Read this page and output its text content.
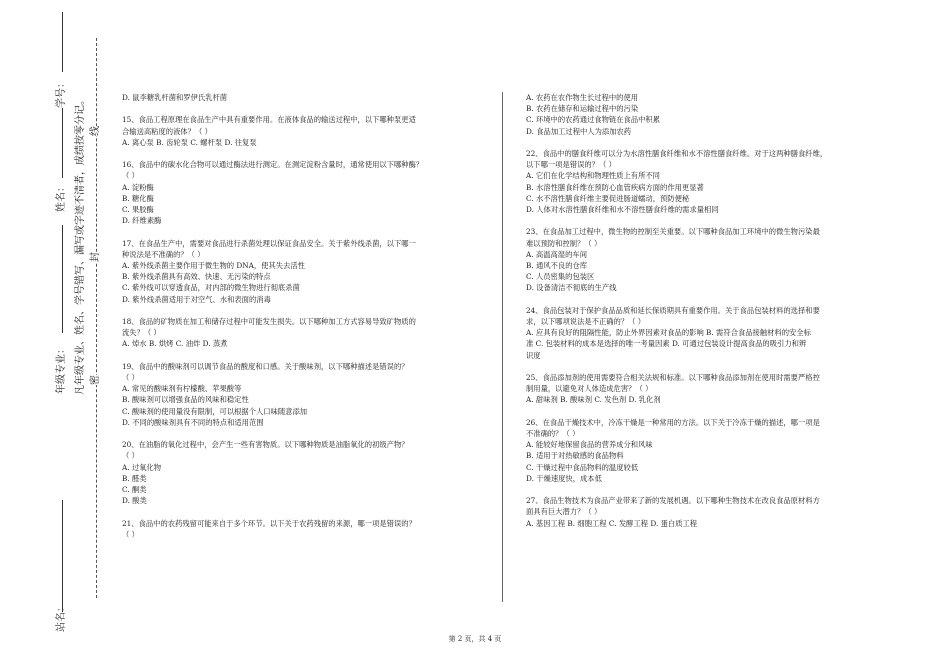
站名：
年级专业：
姓名：
学号：
凡年级专业、姓名、学号错写、漏写或字迹不清者，成绩按零分记。 密
封
线

D. 鼠李糖乳杆菌和罗伊氏乳杆菌

15、食品工程原理在食品生产中具有重要作用。在液体食品的输送过程中，以下哪种泵更适

合输送高粘度的液体？（ ）

A. 离心泵 B. 齿轮泵 C. 螺杆泵 D. 往复泵

16、食品中的碳水化合物可以通过酶法进行测定。在测定淀粉含量时，通常使用以下哪种酶？

（ ）

A. 淀粉酶

B. 糖化酶

C. 果胶酶

D. 纤维素酶

17、在食品生产中，需要对食品进行杀菌处理以保证食品安全。关于紫外线杀菌，以下哪一

种说法是不准确的？（ ）

A. 紫外线杀菌主要作用于微生物的 DNA，使其失去活性

B. 紫外线杀菌具有高效、快速、无污染的特点

C. 紫外线可以穿透食品，对内部的微生物进行彻底杀菌

D. 紫外线杀菌适用于对空气、水和表面的消毒

18、食品的矿物质在加工和储存过程中可能发生损失。以下哪种加工方式容易导致矿物质的

流失？（ ）

A. 焯水 B. 烘烤 C. 油炸 D. 蒸煮

19、食品中的酸味剂可以调节食品的酸度和口感。关于酸味剂，以下哪种描述是错误的？

（ ）

A. 常见的酸味剂有柠檬酸、苹果酸等

B. 酸味剂可以增强食品的风味和稳定性

C. 酸味剂的使用量没有限制，可以根据个人口味随意添加

D. 不同的酸味剂具有不同的特点和适用范围

20、在油脂的氧化过程中，会产生一些有害物质。以下哪种物质是油脂氧化的初级产物？

（ ）

A. 过氧化物

B. 醛类

C. 酮类

D. 酸类

21、食品中的农药残留可能来自于多个环节。以下关于农药残留的来源，哪一项是错误的？

（ ）

A. 农药在农作物生长过程中的使用

B. 农药在储存和运输过程中的污染

C. 环境中的农药通过食物链在食品中积累

D. 食品加工过程中人为添加农药

22、食品中的膳食纤维可以分为水溶性膳食纤维和水不溶性膳食纤维。对于这两种膳食纤维，

以下哪一项是错误的？（ ）

A. 它们在化学结构和物理性质上有所不同

B. 水溶性膳食纤维在预防心血管疾病方面的作用更显著

C. 水不溶性膳食纤维主要促进肠道蠕动，预防便秘

D. 人体对水溶性膳食纤维和水不溶性膳食纤维的需求量相同

23、在食品加工过程中，微生物的控制至关重要。以下哪种食品加工环境中的微生物污染最

难以预防和控制？（ ）

A. 高温高湿的车间

B. 通风不良的仓库

C. 人员密集的包装区

D. 设备清洁不彻底的生产线

24、食品包装对于保护食品品质和延长保质期具有重要作用。关于食品包装材料的选择和要

求，以下哪项说法是不正确的？（ ）

A. 应具有良好的阻隔性能，防止外界因素对食品的影响 B. 需符合食品接触材料的安全标

准 C. 包装材料的成本是选择的唯一考量因素 D. 可通过包装设计提高食品的吸引力和辨

识度

25、食品添加剂的使用需要符合相关法规和标准。以下哪种食品添加剂在使用时需要严格控

制用量，以避免对人体造成危害？（ ）

A. 甜味剂 B. 酸味剂 C. 发色剂 D. 乳化剂

26、在食品干燥技术中，冷冻干燥是一种常用的方法。以下关于冷冻干燥的描述，哪一项是

不准确的？（ ）

A. 能较好地保留食品的营养成分和风味

B. 适用于对热敏感的食品物料

C. 干燥过程中食品物料的温度较低

D. 干燥速度快，成本低

27、食品生物技术为食品产业带来了新的发展机遇。以下哪种生物技术在改良食品原材料方

面具有巨大潜力？（ ）

A. 基因工程 B. 细胞工程 C. 发酵工程 D. 蛋白质工程

第 2 页，共 4 页
